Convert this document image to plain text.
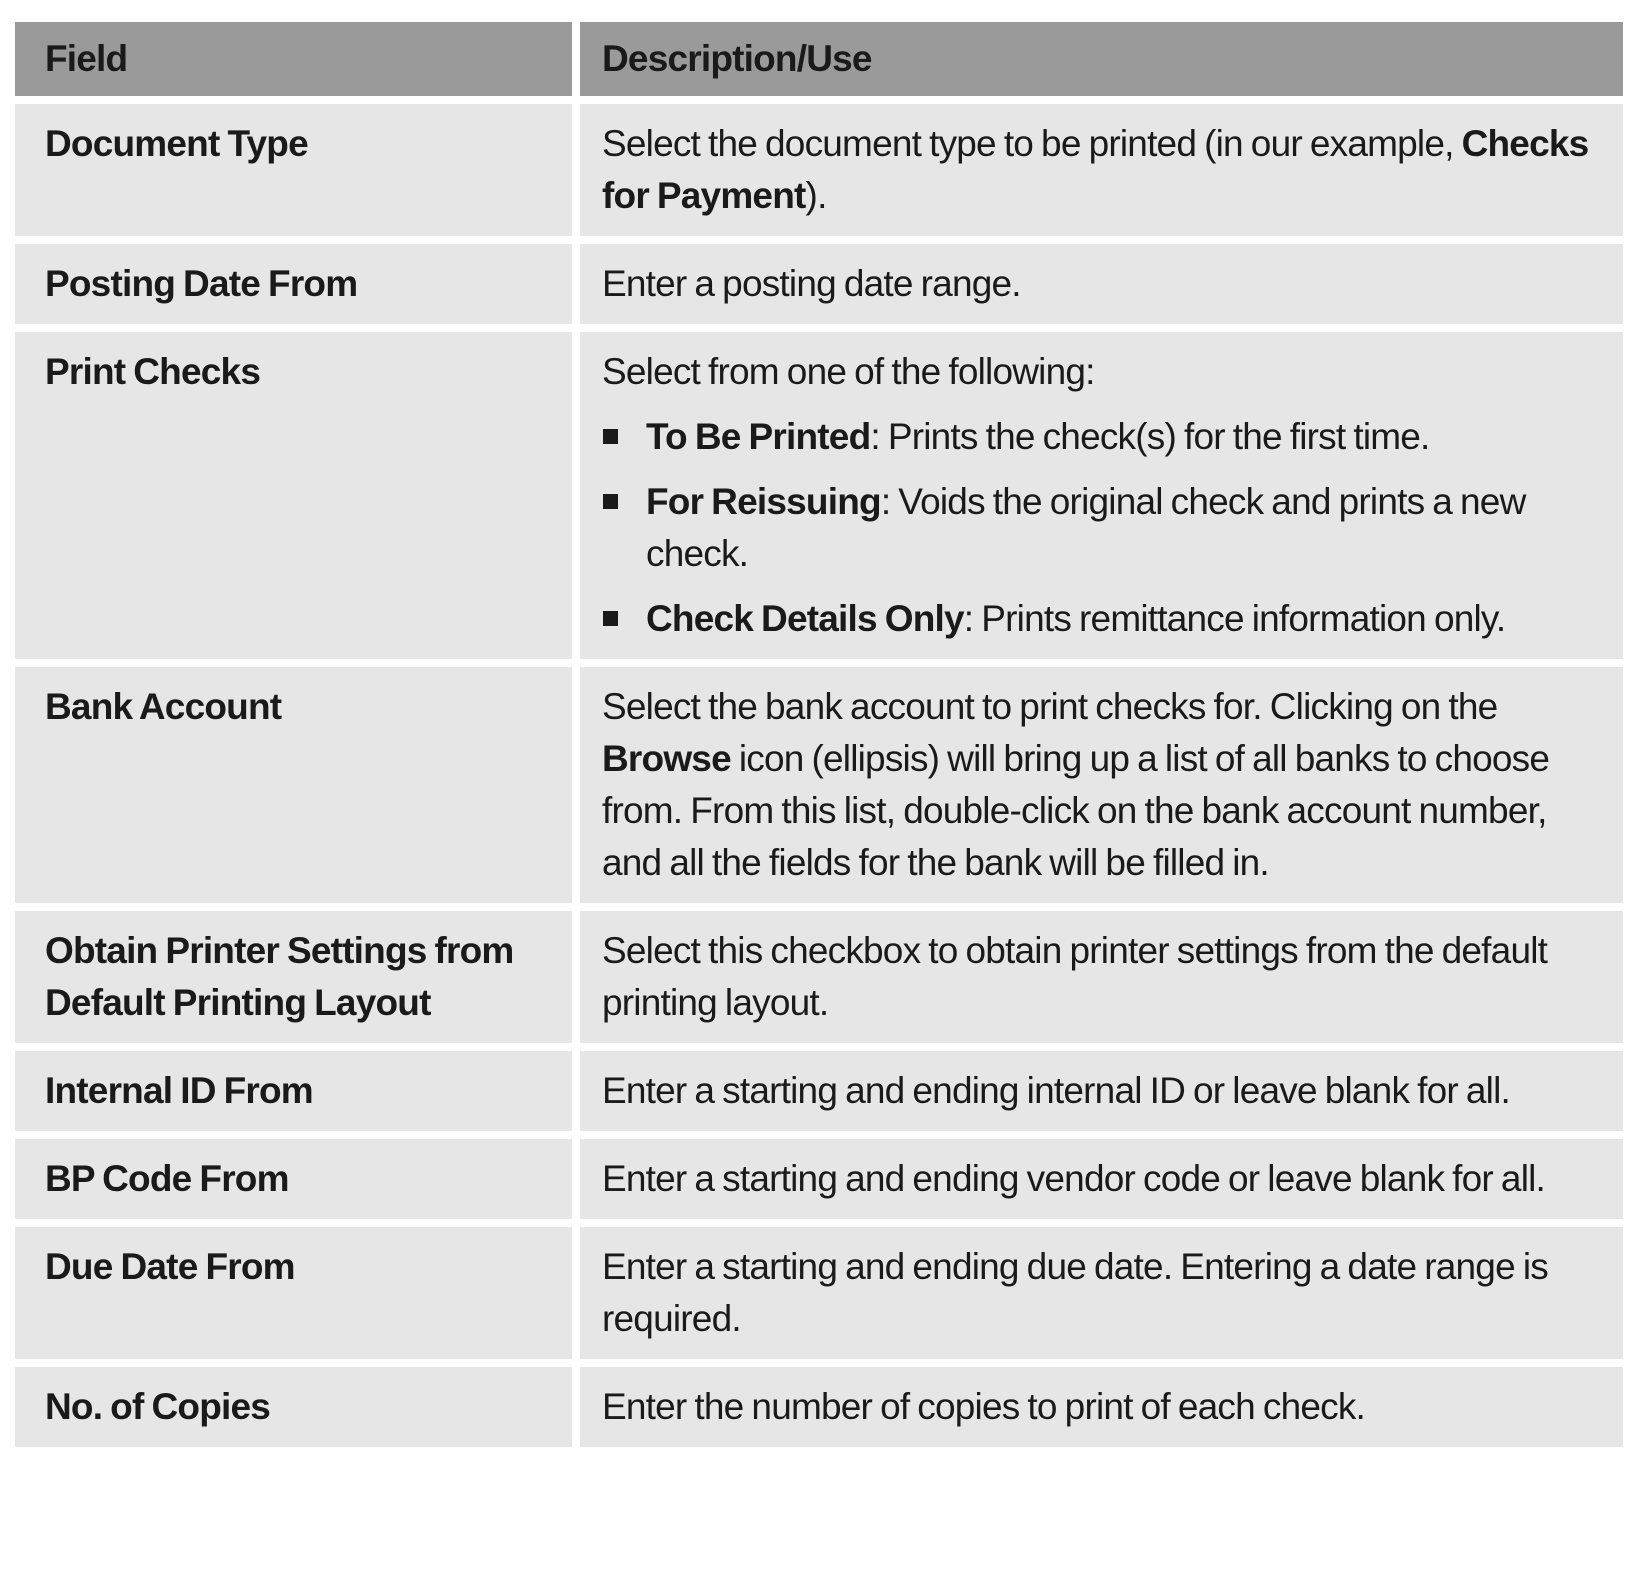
Field	Description/Use
Document Type	Select the document type to be printed (in our example, Checks for Payment).

Posting Date From	Enter a posting date range.

Print Checks	Select from one of the following:

To Be Printed: Prints the check(s) for the first time.
For Reissuing: Voids the original check and prints a new check.
Check Details Only: Prints remittance information only.

Bank Account	Select the bank account to print checks for. Clicking on the Browse icon (ellipsis) will bring up a list of all banks to choose from. From this list, double-click on the bank account number, and all the fields for the bank will be filled in.

Obtain Printer Settings from Default Printing Layout	Select this checkbox to obtain printer settings from the default printing layout.

Internal ID From	Enter a starting and ending internal ID or leave blank for all.

BP Code From	Enter a starting and ending vendor code or leave blank for all.

Due Date From	Enter a starting and ending due date. Entering a date range is required.

No. of Copies	Enter the number of copies to print of each check.
